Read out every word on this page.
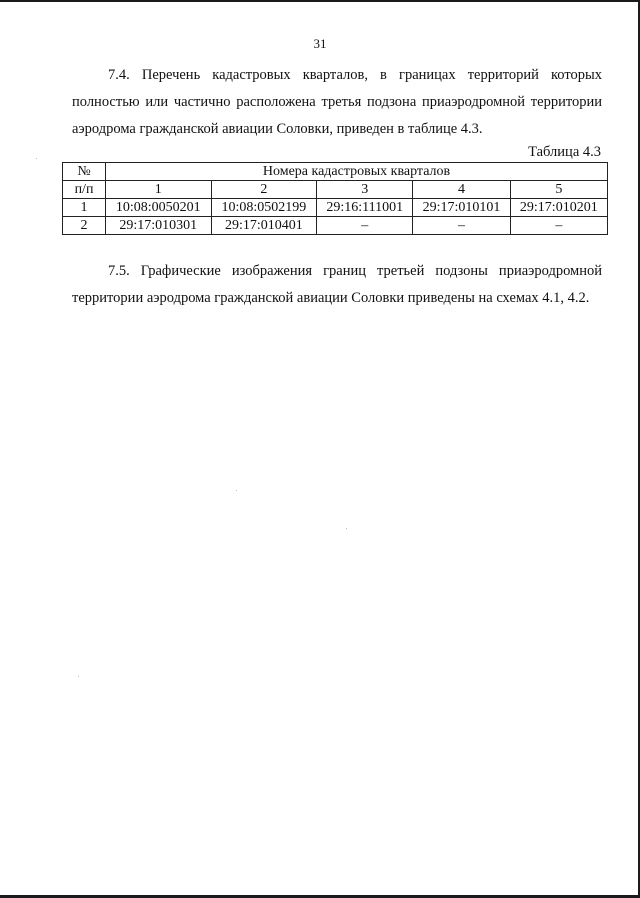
31

7.4. Перечень кадастровых кварталов, в границах территорий которых полностью или частично расположена третья подзона приаэродромной территории аэродрома гражданской авиации Соловки, приведен в таблице 4.3.

Таблица 4.3
№	Номера кадастровых кварталов				
п/п	1	2	3	4	5
1	10:08:0050201	10:08:0502199	29:16:111001	29:17:010101	29:17:010201
2	29:17:010301	29:17:010401	–	–	–

7.5. Графические изображения границ третьей подзоны приаэродромной территории аэродрома гражданской авиации Соловки приведены на схемах 4.1, 4.2.
